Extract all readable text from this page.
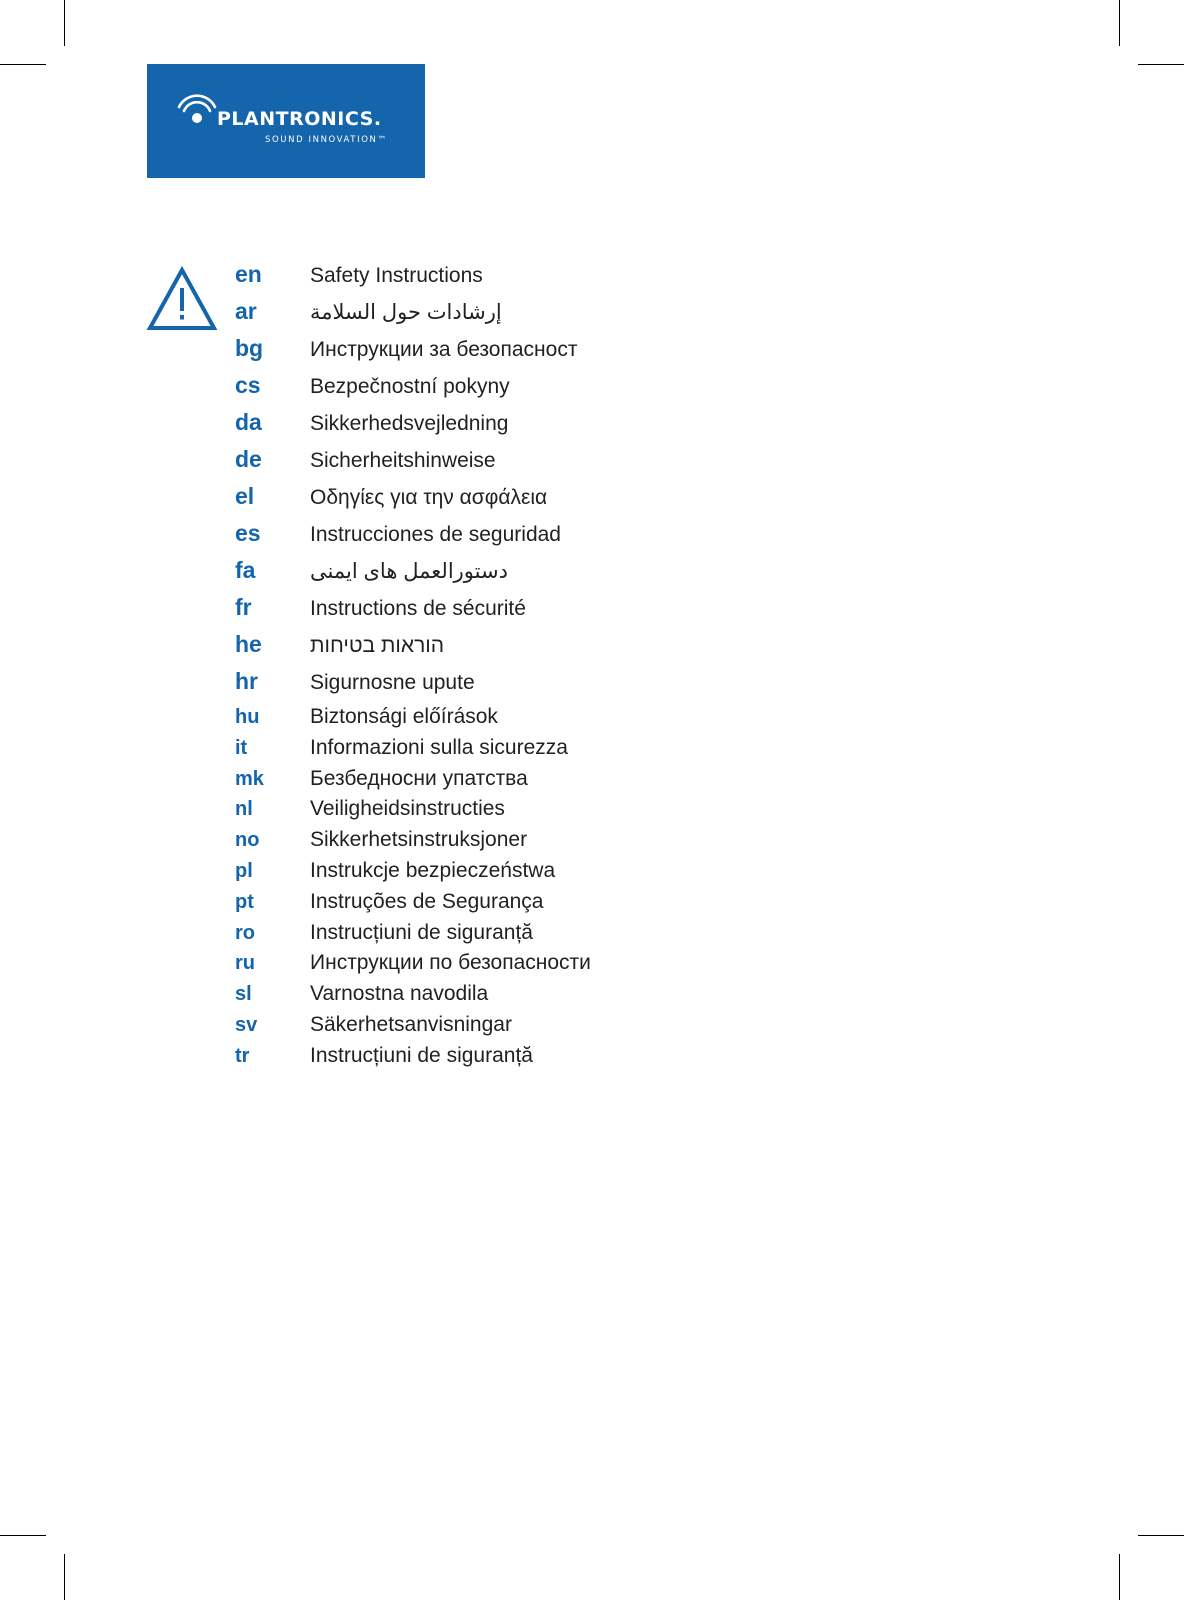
PLANTRONICS.
SOUND INNOVATION™
en	Safety Instructions
ar	إرشادات حول السلامة
bg	Инструкции за безопасност
cs	Bezpečnostní pokyny
da	Sikkerhedsvejledning
de	Sicherheitshinweise
el	Οδηγίες για την ασφάλεια
es	Instrucciones de seguridad
fa	دستورالعمل های ایمنی
fr	Instructions de sécurité
he	הוראות בטיחות
hr	Sigurnosne upute
hu	Biztonsági előírások
it	Informazioni sulla sicurezza
mk	Безбедносни упатства
nl	Veiligheidsinstructies
no	Sikkerhetsinstruksjoner
pl	Instrukcje bezpieczeństwa
pt	Instruções de Segurança
ro	Instrucțiuni de siguranță
ru	Инструкции по безопасности
sl	Varnostna navodila
sv	Säkerhetsanvisningar
tr	Instrucțiuni de siguranță
